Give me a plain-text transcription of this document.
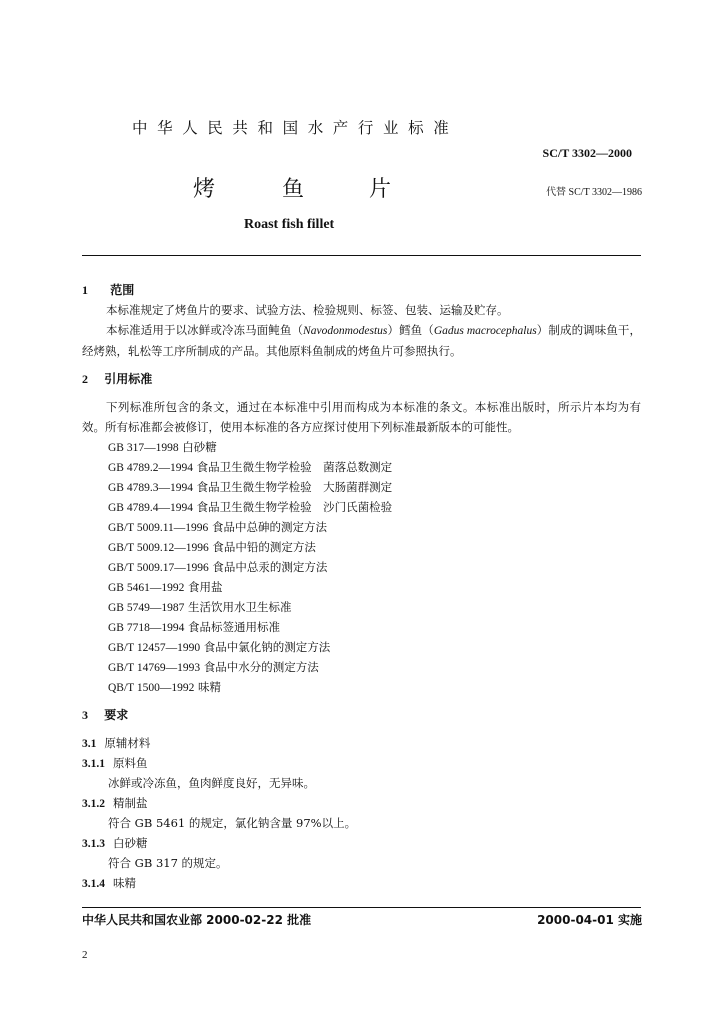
中华人民共和国水产行业标准
SC/T 3302—2000
烤	鱼	片	代替 SC/T 3302—1986
Roast fish fillet
1 范围
本标准规定了烤鱼片的要求、试验方法、检验规则、标签、包装、运输及贮存。
本标准适用于以冰鲜或冷冻马面鲀鱼（Navodonmodestus）鳕鱼（Gadus macrocephalus）制成的调味鱼干，经烤熟，轧松等工序所制成的产品。其他原料鱼制成的烤鱼片可参照执行。
2 引用标准
下列标准所包含的条文，通过在本标准中引用而构成为本标准的条文。本标准出版时，所示片本均为有效。所有标准都会被修订，使用本标准的各方应探讨使用下列标准最新版本的可能性。
GB 317—1998 白砂糖
GB 4789.2—1994 食品卫生微生物学检验　菌落总数测定
GB 4789.3—1994 食品卫生微生物学检验　大肠菌群测定
GB 4789.4—1994 食品卫生微生物学检验　沙门氏菌检验
GB/T 5009.11—1996 食品中总砷的测定方法
GB/T 5009.12—1996 食品中铅的测定方法
GB/T 5009.17—1996 食品中总汞的测定方法
GB 5461—1992 食用盐
GB 5749—1987 生活饮用水卫生标准
GB 7718—1994 食品标签通用标准
GB/T 12457—1990 食品中氯化钠的测定方法
GB/T 14769—1993 食品中水分的测定方法
QB/T 1500—1992 味精
3 要求
3.1 原辅材料
3.1.1 原料鱼
冰鲜或冷冻鱼，鱼肉鲜度良好，无异味。
3.1.2 精制盐
符合 GB 5461 的规定，氯化钠含量 97%以上。
3.1.3 白砂糖
符合 GB 317 的规定。
3.1.4 味精
中华人民共和国农业部 2000-02-22 批准	2000-04-01 实施
2
